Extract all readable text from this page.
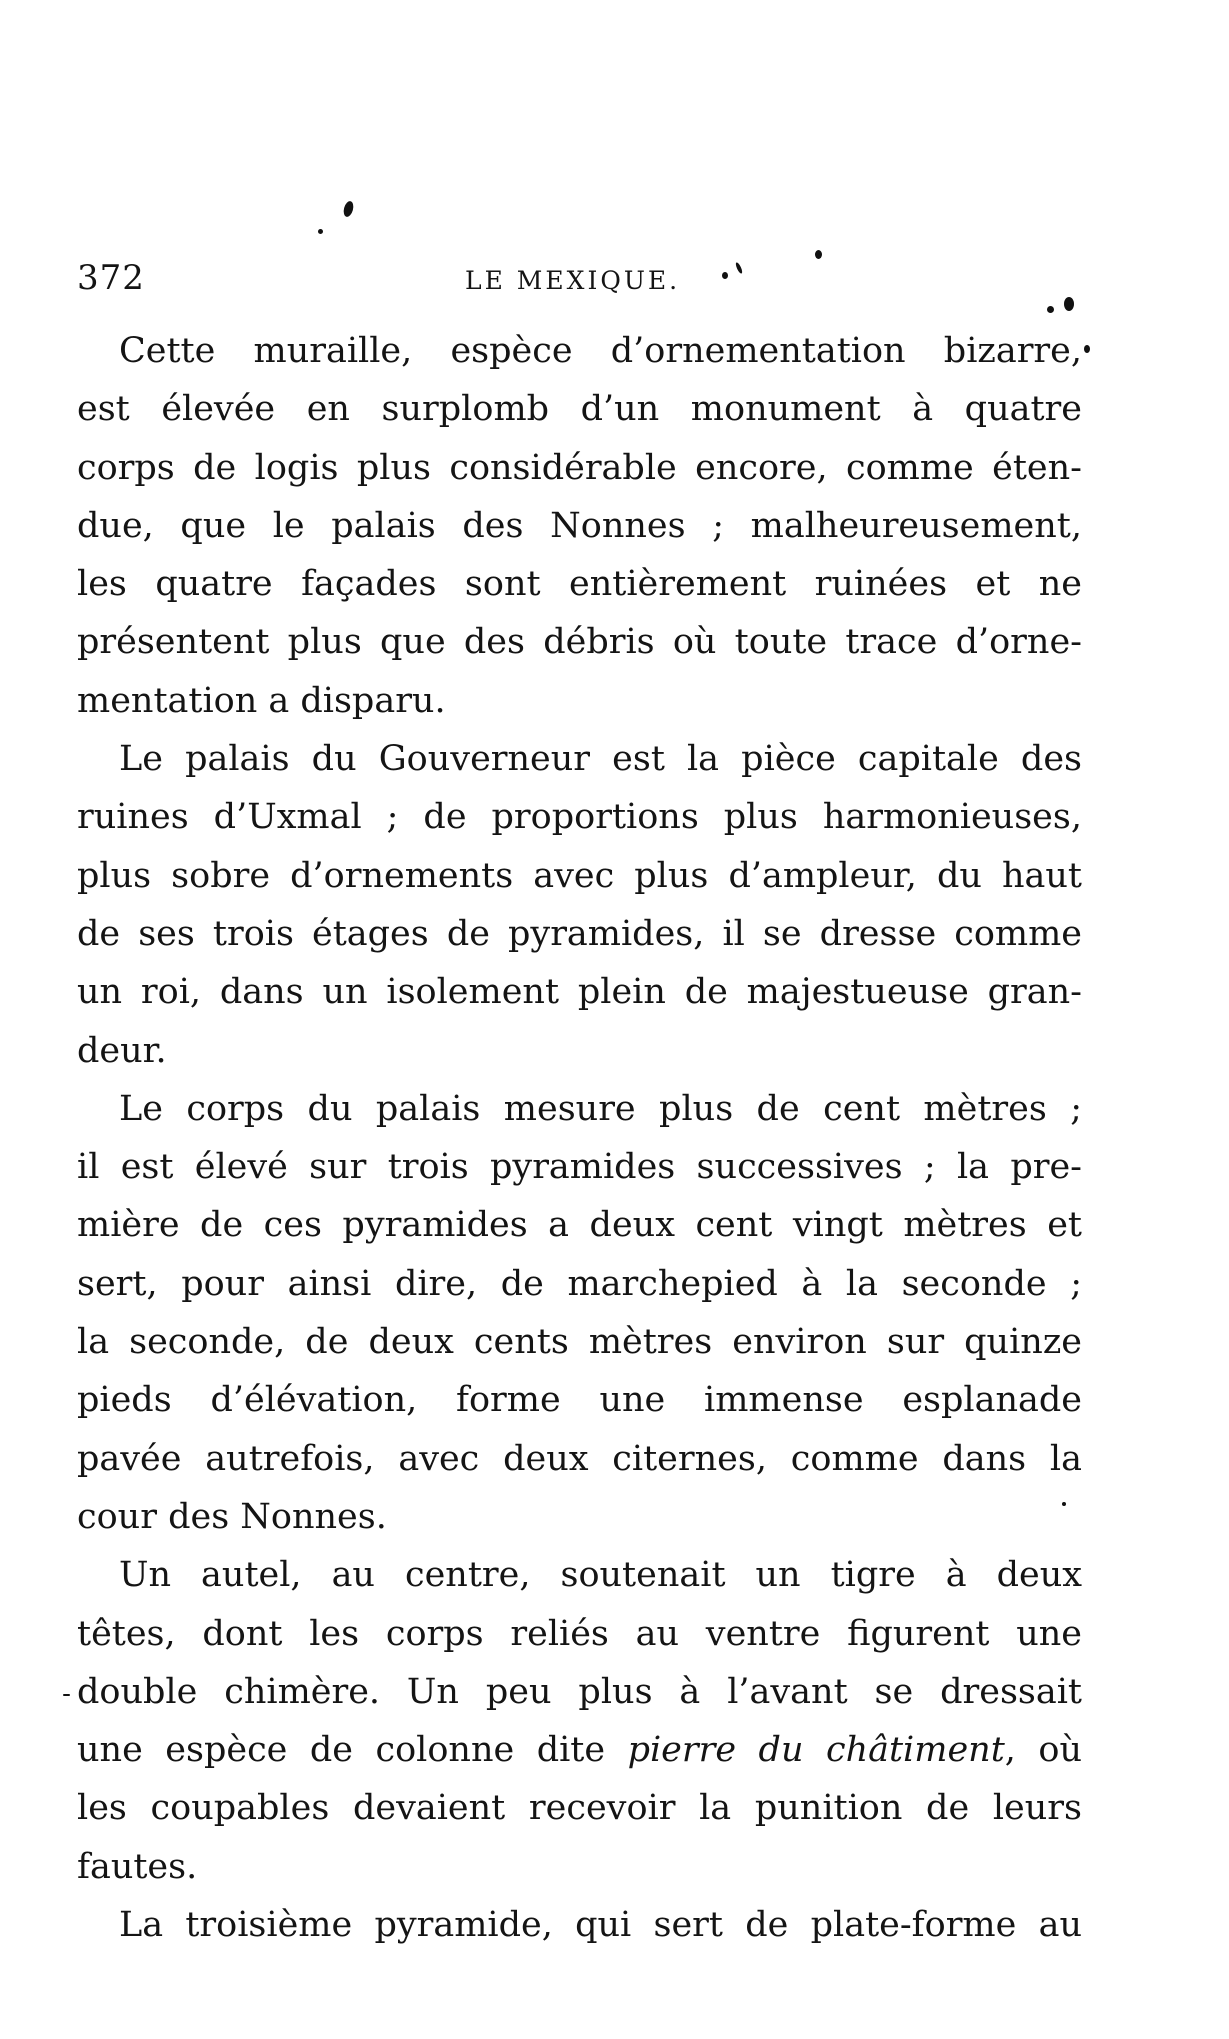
372	LE MEXIQUE.

Cette muraille, espèce d’ornementation bizarre,
est élevée en surplomb d’un monument à quatre
corps de logis plus considérable encore, comme éten-
due, que le palais des Nonnes ; malheureusement,
les quatre façades sont entièrement ruinées et ne
présentent plus que des débris où toute trace d’orne-
mentation a disparu.

Le palais du Gouverneur est la pièce capitale des
ruines d’Uxmal ; de proportions plus harmonieuses,
plus sobre d’ornements avec plus d’ampleur, du haut
de ses trois étages de pyramides, il se dresse comme
un roi, dans un isolement plein de majestueuse gran-
deur.

Le corps du palais mesure plus de cent mètres ;
il est élevé sur trois pyramides successives ; la pre-
mière de ces pyramides a deux cent vingt mètres et
sert, pour ainsi dire, de marchepied à la seconde ;
la seconde, de deux cents mètres environ sur quinze
pieds d’élévation, forme une immense esplanade
pavée autrefois, avec deux citernes, comme dans la
cour des Nonnes.

Un autel, au centre, soutenait un tigre à deux
têtes, dont les corps reliés au ventre figurent une
double chimère. Un peu plus à l’avant se dressait
une espèce de colonne dite pierre du châtiment, où
les coupables devaient recevoir la punition de leurs
fautes.

La troisième pyramide, qui sert de plate-forme au
